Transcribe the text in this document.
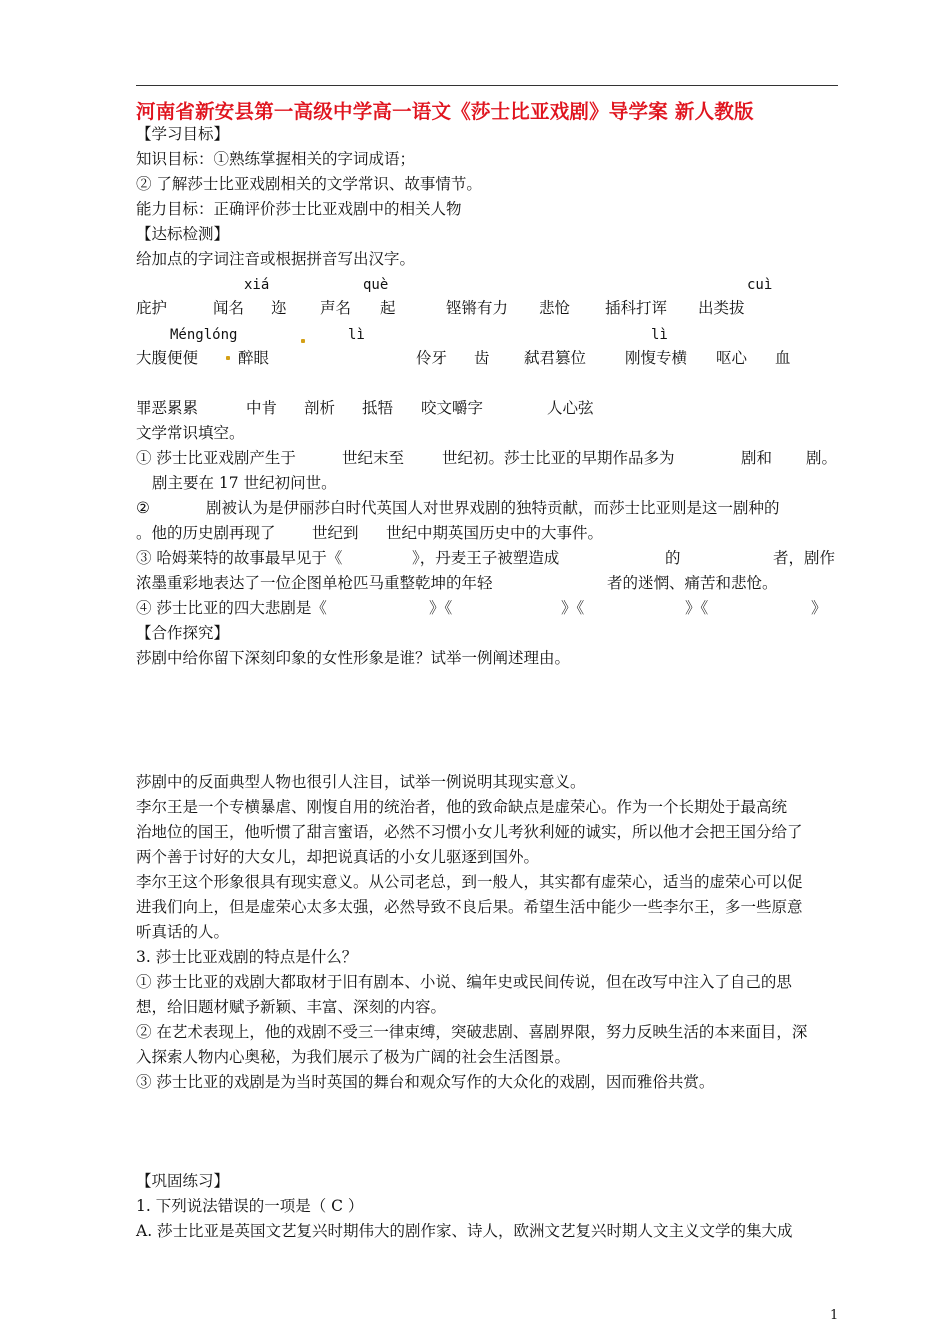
河南省新安县第一高级中学高一语文《莎士比亚戏剧》导学案 新人教版
【学习目标】
知识目标：①熟练掌握相关的字词成语；
② 了解莎士比亚戏剧相关的文学常识、故事情节。
能力目标：正确评价莎士比亚戏剧中的相关人物
【达标检测】
给加点的字词注音或根据拼音写出汉字。
xiá	què	cuì
庇护	闻名 迩 声名 起	铿锵有力 悲怆 插科打诨 出类拔
Ménglóng	lì	lì
大腹便便	醉眼	伶牙 齿 弑君篡位	刚愎专横 呕心 血
罪恶累累	中肯 剖析 抵牾 咬文嚼字	人心弦
文学常识填空。
① 莎士比亚戏剧产生于	世纪末至 世纪初。莎士比亚的早期作品多为	剧和 剧。
剧主要在 17 世纪初问世。
②	剧被认为是伊丽莎白时代英国人对世界戏剧的独特贡献，而莎士比亚则是这一剧种的
。他的历史剧再现了 世纪到 世纪中期英国历史中的大事件。
③ 哈姆莱特的故事最早见于《	》，丹麦王子被塑造成	的	者，剧作
浓墨重彩地表达了一位企图单枪匹马重整乾坤的年轻	者的迷惘、痛苦和悲怆。
④ 莎士比亚的四大悲剧是《	》《	》《	》《	》
【合作探究】
莎剧中给你留下深刻印象的女性形象是谁？试举一例阐述理由。
莎剧中的反面典型人物也很引人注目，试举一例说明其现实意义。
李尔王是一个专横暴虐、刚愎自用的统治者，他的致命缺点是虚荣心。作为一个长期处于最高统
治地位的国王，他听惯了甜言蜜语，必然不习惯小女儿考狄利娅的诚实，所以他才会把王国分给了
两个善于讨好的大女儿，却把说真话的小女儿驱逐到国外。
李尔王这个形象很具有现实意义。从公司老总，到一般人，其实都有虚荣心，适当的虚荣心可以促
进我们向上，但是虚荣心太多太强，必然导致不良后果。希望生活中能少一些李尔王，多一些原意
听真话的人。
3. 莎士比亚戏剧的特点是什么？
① 莎士比亚的戏剧大都取材于旧有剧本、小说、编年史或民间传说，但在改写中注入了自己的思
想，给旧题材赋予新颖、丰富、深刻的内容。
② 在艺术表现上，他的戏剧不受三一律束缚，突破悲剧、喜剧界限，努力反映生活的本来面目，深
入探索人物内心奥秘，为我们展示了极为广阔的社会生活图景。
③ 莎士比亚的戏剧是为当时英国的舞台和观众写作的大众化的戏剧，因而雅俗共赏。
【巩固练习】
1. 下列说法错误的一项是（ C ）
A. 莎士比亚是英国文艺复兴时期伟大的剧作家、诗人，欧洲文艺复兴时期人文主义文学的集大成
1
